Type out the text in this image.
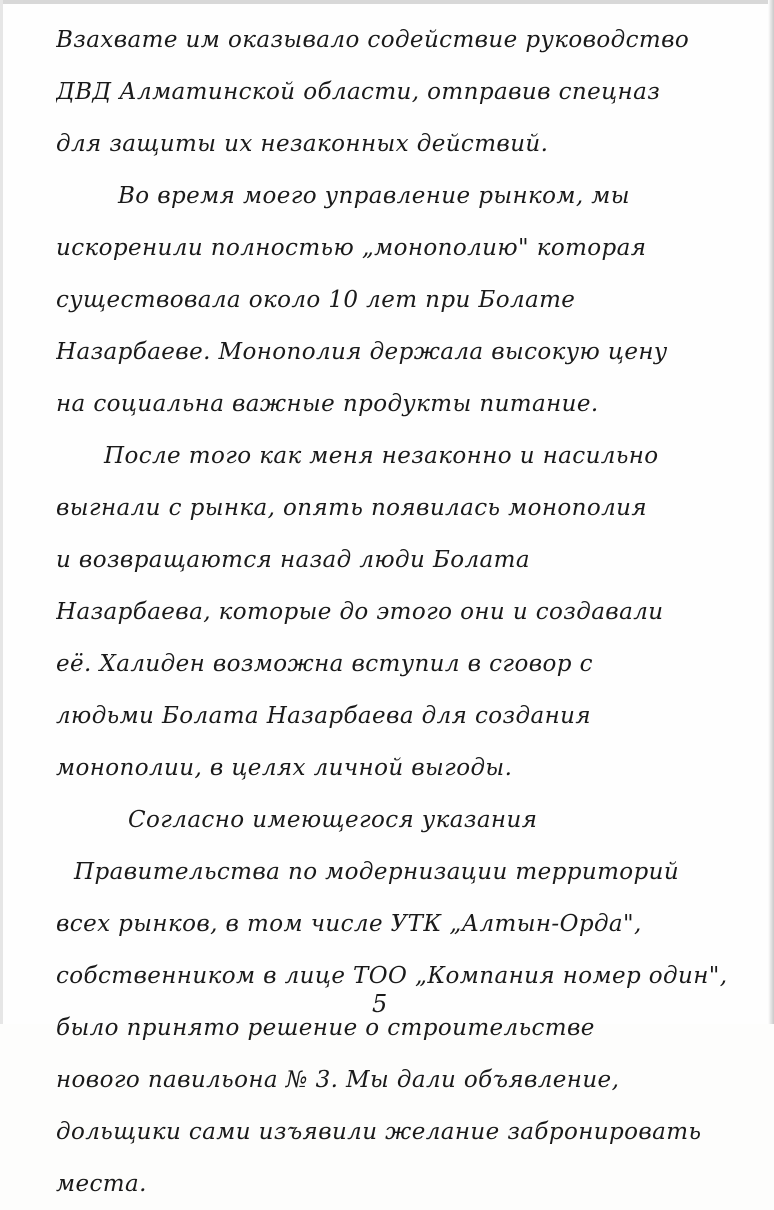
Взахвате им оказывало содействие руководство
ДВД Алматинской области, отправив спецназ
для защиты их незаконных действий.
Во время моего управление рынком, мы
искоренили полностью „монополию" которая
существовала около 10 лет при Болате
Назарбаеве. Монополия держала высокую цену
на социальна важные продукты питание.
После того как меня незаконно и насильно
выгнали с рынка, опять появилась монополия
и возвращаются назад люди Болата
Назарбаева, которые до этого они и создавали
её. Халиден возможна вступил в сговор с
людьми Болата Назарбаева для создания
монополии, в целях личной выгоды.
Согласно имеющегося указания
Правительства по модернизации территорий
всех рынков, в том числе УТК „Алтын-Орда",
собственником в лице ТОО „Компания номер один",
было принято решение о строительстве
нового павильона № 3. Мы дали объявление,
дольщики сами изъявили желание забронировать
места.
5
